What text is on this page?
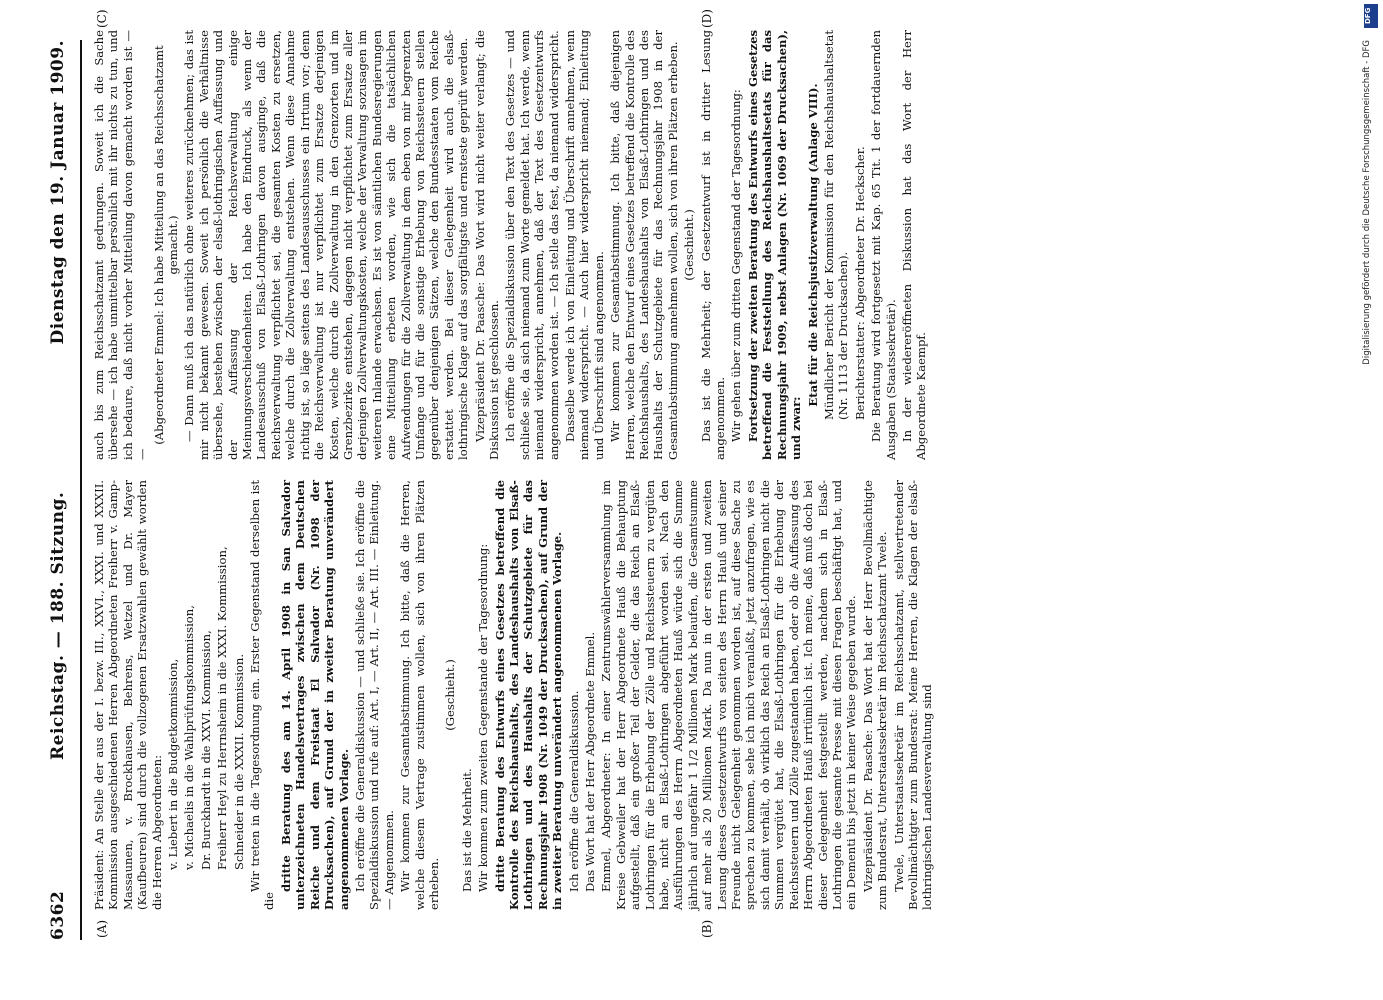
6362
Reichstag. — 188. Sitzung.
Dienstag den 19. Januar 1909.
(A)	(B)
(C)	(D)

Präsident: An Stelle der aus der I. bezw. III., XXVI., XXXI. und XXXII. Kommission ausgeschiedenen Herren Abgeordneten Freiherr v. Gamp-Massaunen, v. Brockhausen, Behrens, Wetzel und Dr. Mayer (Kaufbeuren) sind durch die vollzogenen Ersatzwahlen gewählt worden die Herren Abgeordneten: v. Liebert in die Budgetkommission, v. Michaelis in die Wahlprüfungskommission, Dr. Burckhardt in die XXVI. Kommission, Freiherr Heyl zu Herrnsheim in die XXXI. Kommission, Schneider in die XXXII. Kommission. Wir treten in die Tagesordnung ein. Erster Gegenstand derselben ist die

dritte Beratung des am 14. April 1908 in San Salvador unterzeichneten Handelsvertrages zwischen dem Deutschen Reiche und dem Freistaat El Salvador (Nr. 1098 der Drucksachen), auf Grund der in zweiter Beratung unverändert angenommenen Vorlage. Ich eröffne die Generaldiskussion — und schließe sie. Ich eröffne die Spezialdiskussion und rufe auf: Art. I, — Art. II, — Art. III. — Einleitung. — Angenommen. Wir kommen zur Gesamtabstimmung. Ich bitte, daß die Herren, welche diesem Vertrage zustimmen wollen, sich von ihren Plätzen erheben.

(Geschieht.)

Das ist die Mehrheit. Wir kommen zum zweiten Gegenstande der Tagesordnung: dritte Beratung des Entwurfs eines Gesetzes betreffend die Kontrolle des Reichshaushalts, des Landeshaushalts von Elsaß-Lothringen und des Haushalts der Schutzgebiete für das Rechnungsjahr 1908 (Nr. 1049 der Drucksachen), auf Grund der in zweiter Beratung unverändert angenommenen Vorlage. Ich eröffne die Generaldiskussion. Das Wort hat der Herr Abgeordnete Emmel. Emmel, Abgeordneter: In einer Zentrumswählerversammlung im Kreise Gebweiler hat der Herr Abgeordnete Hauß die Behauptung aufgestellt, daß ein großer Teil der Gelder, die das Reich an Elsaß-Lothringen für die Erhebung der Zölle und Reichssteuern zu vergüten habe, nicht an Elsaß-Lothringen abgeführt worden sei. Nach den Ausführungen des Herrn Abgeordneten Hauß würde sich die Summe jährlich auf ungefähr 1 1/2 Millionen Mark belaufen, die Gesamtsumme auf mehr als 20 Millionen Mark. Da nun in der ersten und zweiten Lesung dieses Gesetzentwurfs von seiten des Herrn Hauß und seiner Freunde nicht Gelegenheit genommen worden ist, auf diese Sache zu sprechen zu kommen, sehe ich mich veranlaßt, jetzt anzufragen, wie es sich damit verhält, ob wirklich das Reich an Elsaß-Lothringen nicht die Summen vergütet hat, die Elsaß-Lothringen für die Erhebung der Reichssteuern und Zölle zugestanden haben, oder ob die Auffassung des Herrn Abgeordneten Hauß irrtümlich ist. Ich meine, daß muß doch bei dieser Gelegenheit festgestellt werden, nachdem sich in Elsaß-Lothringen die gesamte Presse mit diesen Fragen beschäftigt hat, und ein Dementi bis jetzt in keiner Weise gegeben wurde. Vizepräsident Dr. Paasche: Das Wort hat der Herr Bevollmächtigte zum Bundesrat, Unterstaatssekretär im Reichsschatzamt Twele. Twele, Unterstaatssekretär im Reichsschatzamt, stellvertretender Bevollmächtigter zum Bundesrat: Meine Herren, die Klagen der elsaß-lothringischen Landesverwaltung sind

auch bis zum Reichsschatzamt gedrungen. Soweit ich die Sache übersehe — ich habe unmittelbar persönlich mit ihr nichts zu tun, und ich bedaure, daß nicht vorher Mitteilung davon gemacht worden ist — —

(Abgeordneter Emmel: Ich habe Mitteilung an das Reichsschatzamt gemacht.) — Dann muß ich das natürlich ohne weiteres zurücknehmen; das ist mir nicht bekannt gewesen. Soweit ich persönlich die Verhältnisse übersehe, bestehen zwischen der elsaß-lothringischen Auffassung und der Auffassung der Reichsverwaltung einige Meinungsverschiedenheiten. Ich habe den Eindruck, als wenn der Landesausschuß von Elsaß-Lothringen davon ausginge, daß die Reichsverwaltung verpflichtet sei, die gesamten Kosten zu ersetzen, welche durch die Zollverwaltung entstehen. Wenn diese Annahme richtig ist, so läge seitens des Landesausschusses ein Irrtum vor; denn die Reichsverwaltung ist nur verpflichtet zum Ersatze derjenigen Kosten, welche durch die Zollverwaltung in den Grenzorten und im Grenzbezirke entstehen, dagegen nicht verpflichtet zum Ersatze aller derjenigen Zollverwaltungskosten, welche der Verwaltung sozusagen im weiteren Inlande erwachsen. Es ist von sämtlichen Bundesregierungen eine Mitteilung erbeten worden, wie sich die tatsächlichen Aufwendungen für die Zollverwaltung in dem eben von mir begrenzten Umfange und für die sonstige Erhebung von Reichssteuern stellen gegenüber denjenigen Sätzen, welche den Bundesstaaten vom Reiche erstattet werden. Bei dieser Gelegenheit wird auch die elsaß-lothringische Klage auf das sorgfältigste und ernsteste geprüft werden. Vizepräsident Dr. Paasche: Das Wort wird nicht weiter verlangt; die Diskussion ist geschlossen. Ich eröffne die Spezialdiskussion über den Text des Gesetzes — und schließe sie, da sich niemand zum Worte gemeldet hat. Ich werde, wenn niemand widerspricht, annehmen, daß der Text des Gesetzentwurfs angenommen worden ist. — Ich stelle das fest, da niemand widerspricht. Dasselbe werde ich von Einleitung und Überschrift annehmen, wenn niemand widerspricht. — Auch hier widerspricht niemand; Einleitung und Überschrift sind angenommen. Wir kommen zur Gesamtabstimmung. Ich bitte, daß diejenigen Herren, welche den Entwurf eines Gesetzes betreffend die Kontrolle des Reichshaushalts, des Landeshaushalts von Elsaß-Lothringen und des Haushalts der Schutzgebiete für das Rechnungsjahr 1908 in der Gesamtabstimmung annehmen wollen, sich von ihren Plätzen erheben. (Geschieht.) Das ist die Mehrheit; der Gesetzentwurf ist in dritter Lesung angenommen. Wir gehen über zum dritten Gegenstand der Tagesordnung: Fortsetzung der zweiten Beratung des Entwurfs eines Gesetzes betreffend die Feststellung des Reichshaushaltsetats für das Rechnungsjahr 1909, nebst Anlagen (Nr. 1069 der Drucksachen), und zwar:

Etat für die Reichsjustizverwaltung (Anlage VIII). Mündlicher Bericht der Kommission für den Reichshaushaltsetat (Nr. 1113 der Drucksachen). Berichterstatter: Abgeordneter Dr. Heckscher. Die Beratung wird fortgesetzt mit Kap. 65 Tit. 1 der fortdauernden Ausgaben (Staatssekretär). In der wiedereröffneten Diskussion hat das Wort der Herr Abgeordnete Kaempf.

DFG
Digitalisierung gefördert durch die Deutsche Forschungsgemeinschaft - DFG
